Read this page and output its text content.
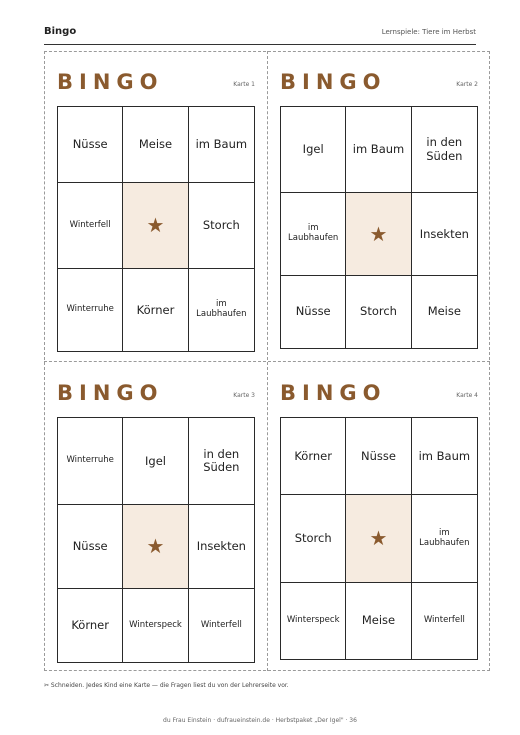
Bingo	Lernspiele: Tiere im Herbst
BINGO	Karte 1
Nüsse	Meise	im Baum
Winterfell	★	Storch
Winterruhe	Körner	im Laubhaufen
BINGO	Karte 2
Igel	im Baum	in den Süden
im Laubhaufen	★	Insekten
Nüsse	Storch	Meise
BINGO	Karte 3
Winterruhe	Igel	in den Süden
Nüsse	★	Insekten
Körner	Winterspeck	Winterfell
BINGO	Karte 4
Körner	Nüsse	im Baum
Storch	★	im Laubhaufen
Winterspeck	Meise	Winterfell
✂ Schneiden. Jedes Kind eine Karte — die Fragen liest du von der Lehrerseite vor.
du Frau Einstein · dufraueinstein.de · Herbstpaket „Der Igel" · 36
